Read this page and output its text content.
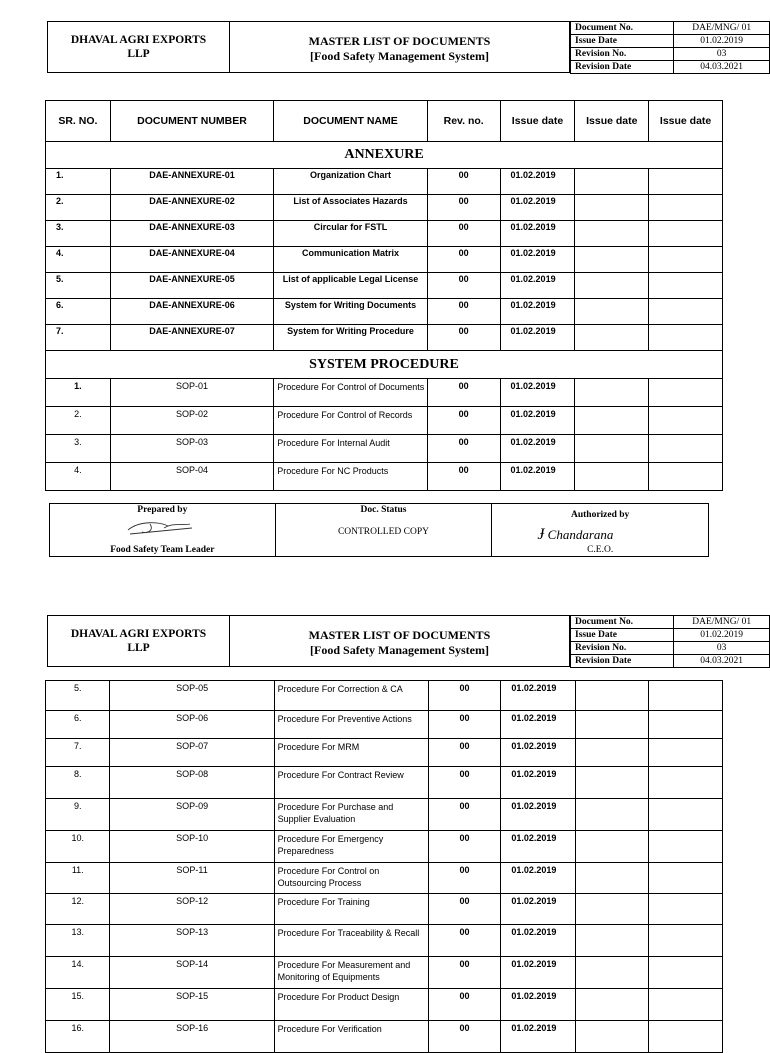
DHAVAL AGRI EXPORTS
LLP
MASTER LIST OF DOCUMENTS
[Food Safety Management System]
Document No.	DAE/MNG/ 01
Issue Date	01.02.2019
Revision No.	03
Revision Date	04.03.2021
SR. NO.	DOCUMENT NUMBER	DOCUMENT NAME	Rev. no.	Issue date	Issue date	Issue date
ANNEXURE						
1.	DAE-ANNEXURE-01	Organization Chart	00	01.02.2019		
2.	DAE-ANNEXURE-02	List of Associates Hazards	00	01.02.2019		
3.	DAE-ANNEXURE-03	Circular for FSTL	00	01.02.2019		
4.	DAE-ANNEXURE-04	Communication Matrix	00	01.02.2019		
5.	DAE-ANNEXURE-05	List of applicable Legal License	00	01.02.2019		
6.	DAE-ANNEXURE-06	System for Writing Documents	00	01.02.2019		
7.	DAE-ANNEXURE-07	System for Writing Procedure	00	01.02.2019		
SYSTEM PROCEDURE						
1.	SOP-01	Procedure For Control of Documents	00	01.02.2019		
2.	SOP-02	Procedure For Control of Records	00	01.02.2019		
3.	SOP-03	Procedure For Internal Audit	00	01.02.2019		
4.	SOP-04	Procedure For NC Products	00	01.02.2019		
Prepared by
Food Safety Team Leader

Doc. Status
CONTROLLED COPY

Authorized by
Ɉ Chandarana
C.E.O.
DHAVAL AGRI EXPORTS
LLP
MASTER LIST OF DOCUMENTS
[Food Safety Management System]
Document No.	DAE/MNG/ 01
Issue Date	01.02.2019
Revision No.	03
Revision Date	04.03.2021
5.	SOP-05	Procedure For Correction & CA	00	01.02.2019		
6.	SOP-06	Procedure For Preventive Actions	00	01.02.2019		
7.	SOP-07	Procedure For MRM	00	01.02.2019		
8.	SOP-08	Procedure For Contract Review	00	01.02.2019		
9.	SOP-09	Procedure For Purchase and Supplier Evaluation	00	01.02.2019		
10.	SOP-10	Procedure For Emergency Preparedness	00	01.02.2019		
11.	SOP-11	Procedure For Control on Outsourcing Process	00	01.02.2019		
12.	SOP-12	Procedure For Training	00	01.02.2019		
13.	SOP-13	Procedure For Traceability & Recall	00	01.02.2019		
14.	SOP-14	Procedure For Measurement and Monitoring of Equipments	00	01.02.2019		
15.	SOP-15	Procedure For Product Design	00	01.02.2019		
16.	SOP-16	Procedure For Verification	00	01.02.2019		
